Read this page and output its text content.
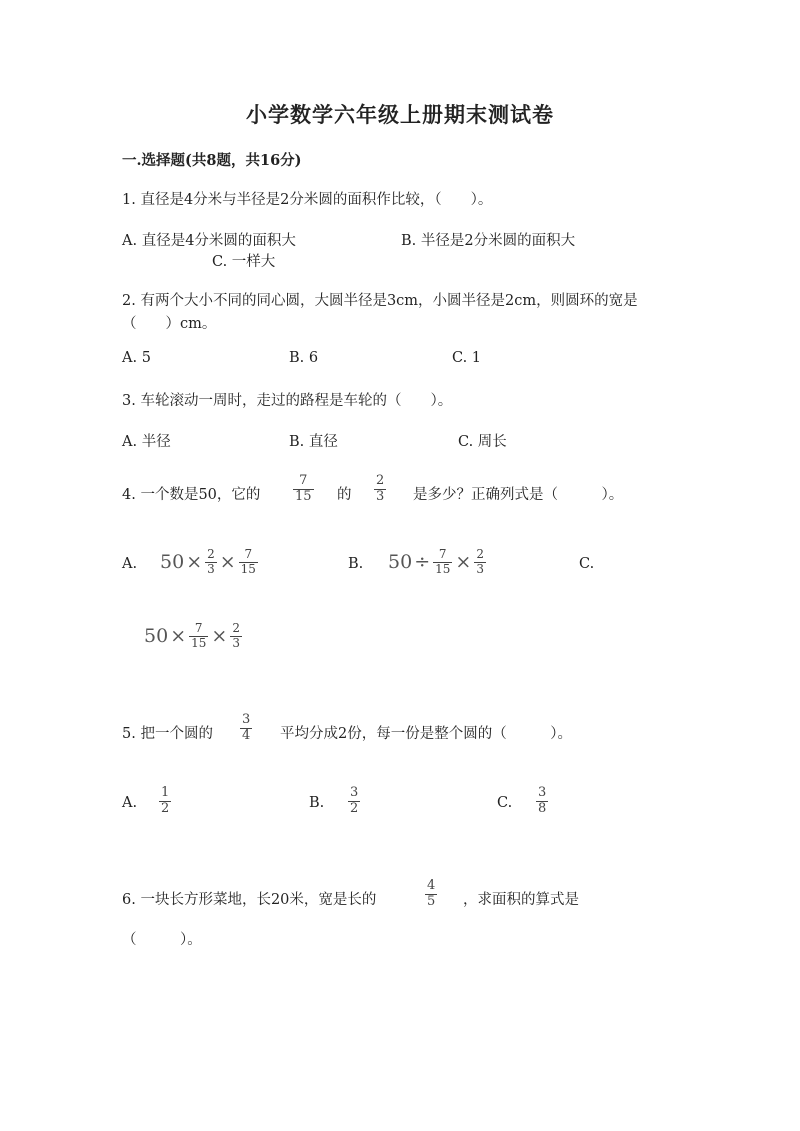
小学数学六年级上册期末测试卷
一.选择题(共8题，共16分)
1. 直径是4分米与半径是2分米圆的面积作比较，（　　）。
A. 直径是4分米圆的面积大	B. 半径是2分米圆的面积大
C. 一样大
2. 有两个大小不同的同心圆，大圆半径是3cm，小圆半径是2cm，则圆环的宽是
（　　）cm。
A. 5	B. 6	C. 1
3. 车轮滚动一周时，走过的路程是车轮的（　　）。
A. 半径	B. 直径	C. 周长
4. 一个数是50，它的	$\frac{7}{15}$ 的 $\frac{2}{3}$ 是多少？正确列式是（　　　）。
A. $50 \times \frac{2}{3} \times \frac{7}{15}$	B. $50 \div \frac{7}{15} \times \frac{2}{3}$	C.
$50 \times \frac{7}{15} \times \frac{2}{3}$
5. 把一个圆的 $\frac{3}{4}$ 平均分成2份，每一份是整个圆的（　　　）。
A. $\frac{1}{2}$	B. $\frac{3}{2}$	C. $\frac{3}{8}$
6. 一块长方形菜地，长20米，宽是长的	$\frac{4}{5}$ ，求面积的算式是
（　　　）。
